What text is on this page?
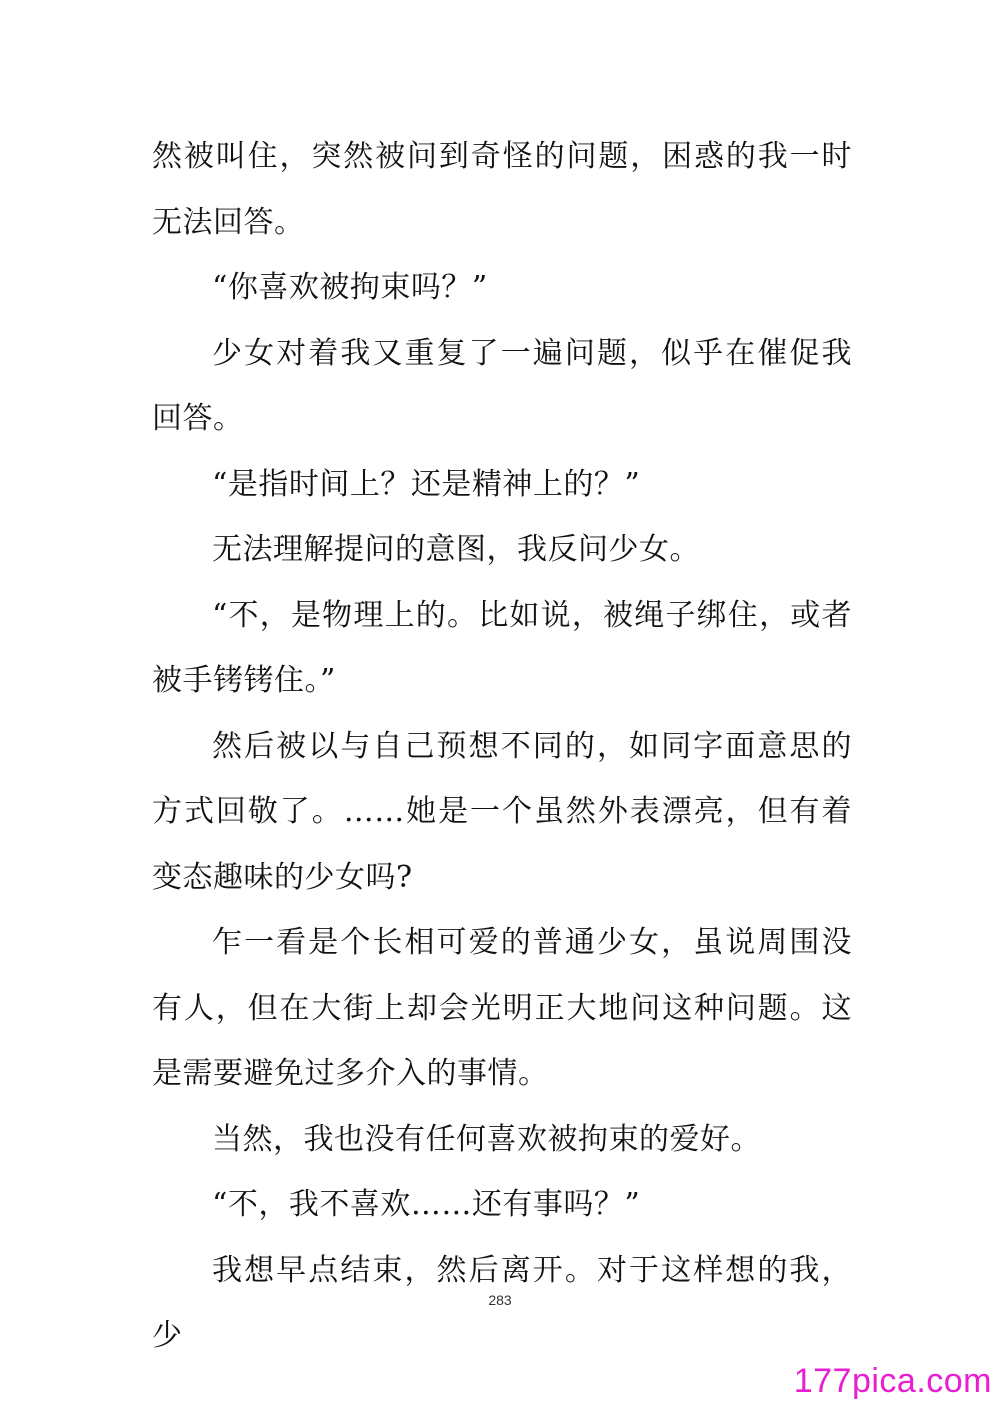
然被叫住，突然被问到奇怪的问题，困惑的我一时无法回答。

“你喜欢被拘束吗？”

少女对着我又重复了一遍问题，似乎在催促我回答。

“是指时间上？还是精神上的？”

无法理解提问的意图，我反问少女。

“不，是物理上的。比如说，被绳子绑住，或者被手铐铐住。”

然后被以与自己预想不同的，如同字面意思的方式回敬了。……她是一个虽然外表漂亮，但有着变态趣味的少女吗?

乍一看是个长相可爱的普通少女，虽说周围没有人，但在大街上却会光明正大地问这种问题。这是需要避免过多介入的事情。

当然，我也没有任何喜欢被拘束的爱好。

“不，我不喜欢……还有事吗？”

我想早点结束，然后离开。对于这样想的我，少

283
177pica.com
